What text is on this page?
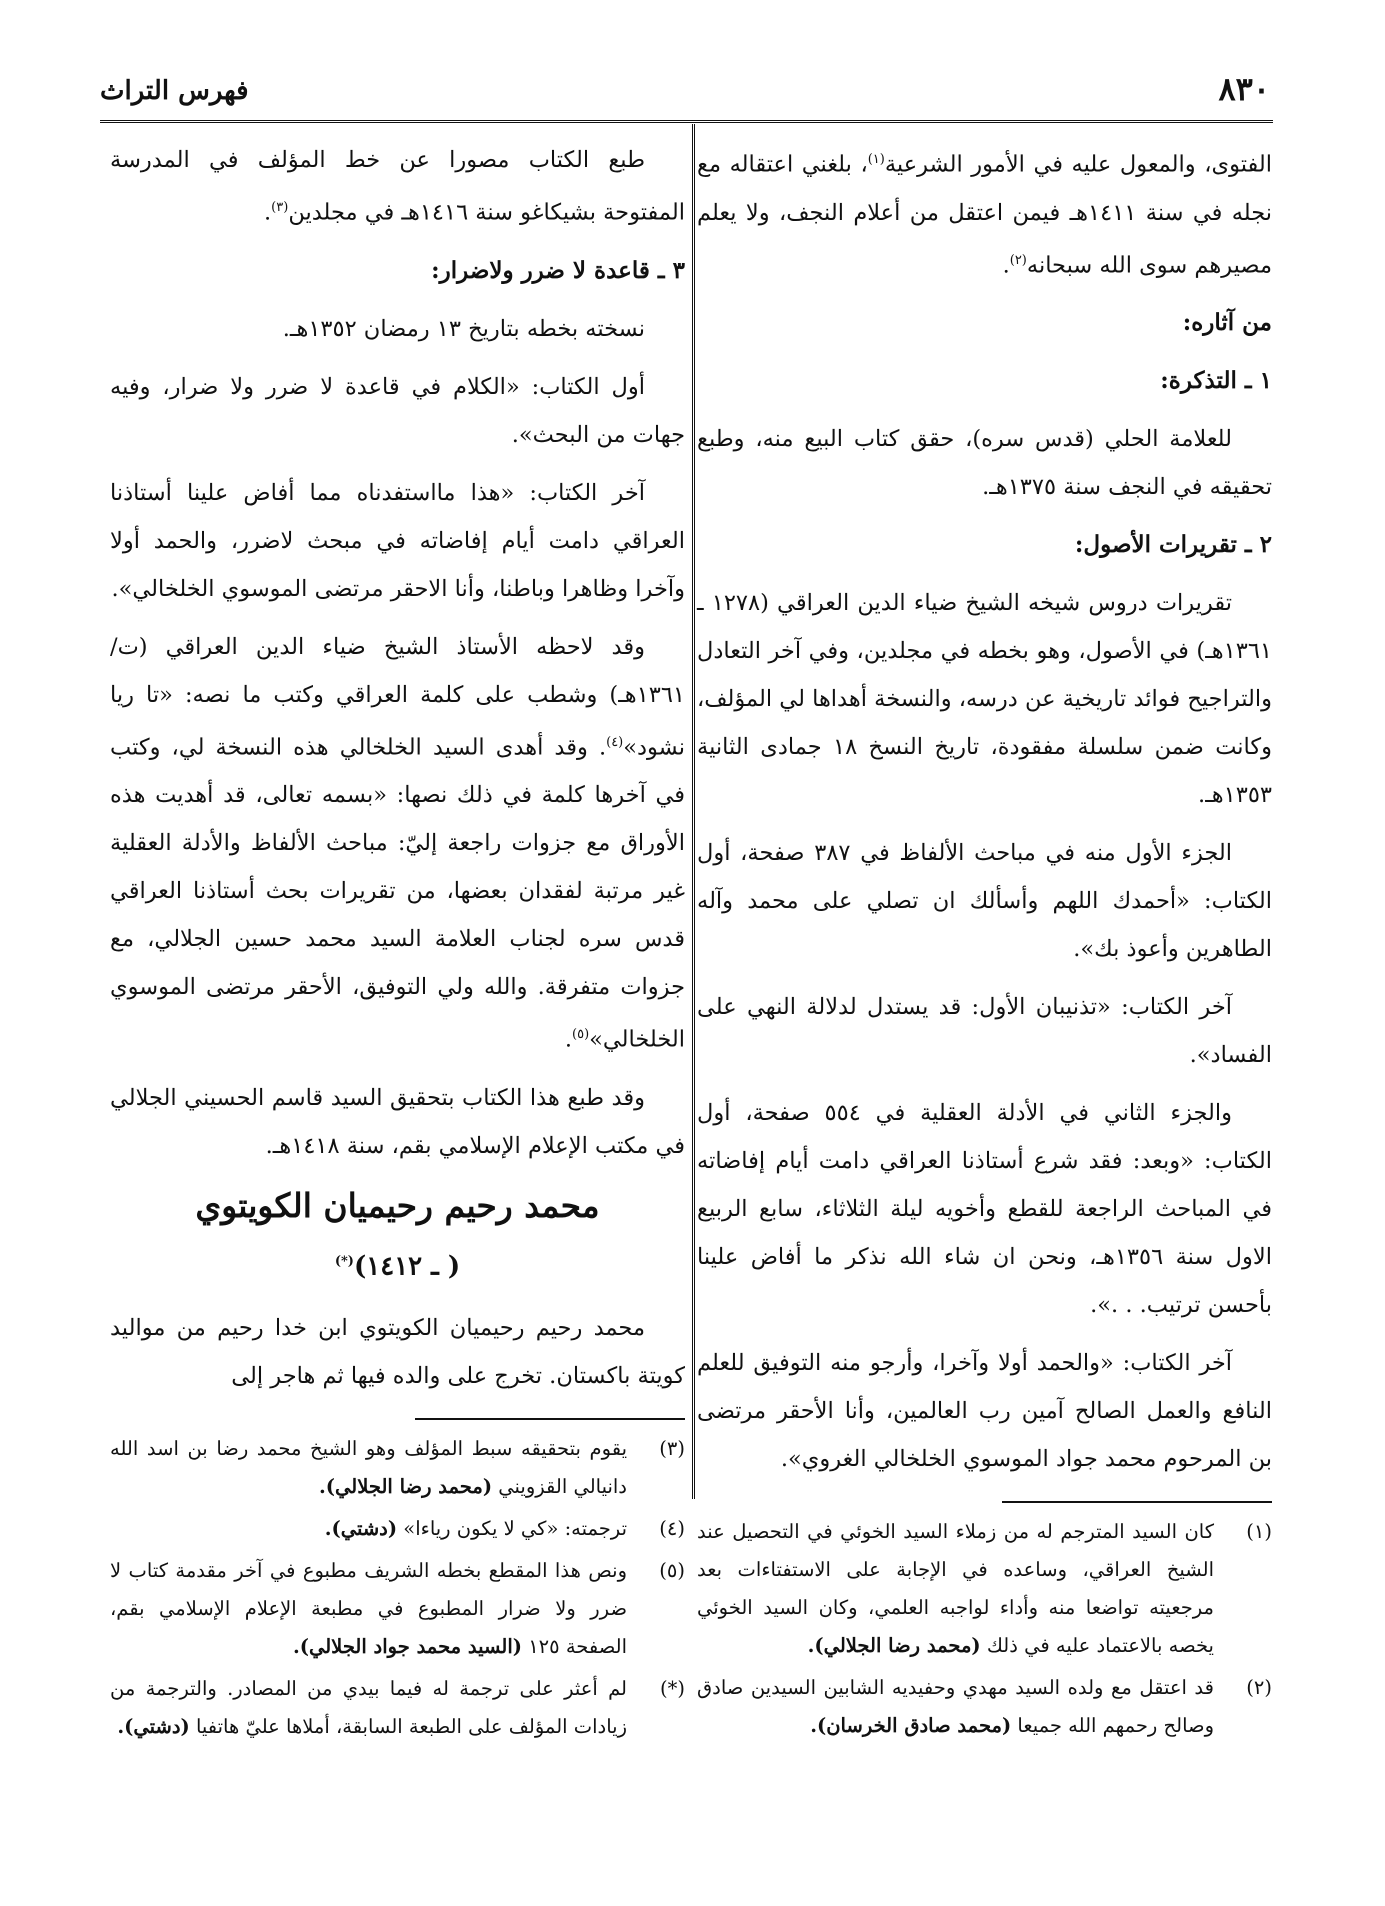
٨٣٠
فهرس التراث

الفتوى، والمعول عليه في الأمور الشرعية$^{(١)}$، بلغني اعتقاله مع نجله في سنة ١٤١١هـ فيمن اعتقل من أعلام النجف، ولا يعلم مصيرهم سوى الله سبحانه$^{(٢)}$.

من آثاره:
١ ـ التذكرة:

للعلامة الحلي (قدس سره)، حقق كتاب البيع منه، وطبع تحقيقه في النجف سنة ١٣٧٥هـ.

٢ ـ تقريرات الأصول:

تقريرات دروس شيخه الشيخ ضياء الدين العراقي (١٢٧٨ ـ ١٣٦١هـ) في الأصول، وهو بخطه في مجلدين، وفي آخر التعادل والتراجيح فوائد تاريخية عن درسه، والنسخة أهداها لي المؤلف، وكانت ضمن سلسلة مفقودة، تاريخ النسخ ١٨ جمادى الثانية ١٣٥٣هـ.

الجزء الأول منه في مباحث الألفاظ في ٣٨٧ صفحة، أول الكتاب: «أحمدك اللهم وأسألك ان تصلي على محمد وآله الطاهرين وأعوذ بك».

آخر الكتاب: «تذنيبان الأول: قد يستدل لدلالة النهي على الفساد».

والجزء الثاني في الأدلة العقلية في ٥٥٤ صفحة، أول الكتاب: «وبعد: فقد شرع أستاذنا العراقي دامت أيام إفاضاته في المباحث الراجعة للقطع وأخويه ليلة الثلاثاء، سابع الربيع الاول سنة ١٣٥٦هـ، ونحن ان شاء الله نذكر ما أفاض علينا بأحسن ترتيب. . .».

آخر الكتاب: «والحمد أولا وآخرا، وأرجو منه التوفيق للعلم النافع والعمل الصالح آمين رب العالمين، وأنا الأحقر مرتضى بن المرحوم محمد جواد الموسوي الخلخالي الغروي».

(١)
كان السيد المترجم له من زملاء السيد الخوئي في التحصيل عند الشيخ العراقي، وساعده في الإجابة على الاستفتاءات بعد مرجعيته تواضعا منه وأداء لواجبه العلمي، وكان السيد الخوئي يخصه بالاعتماد عليه في ذلك (محمد رضا الجلالي).
(٢)
قد اعتقل مع ولده السيد مهدي وحفيديه الشابين السيدين صادق وصالح رحمهم الله جميعا (محمد صادق الخرسان).

طبع الكتاب مصورا عن خط المؤلف في المدرسة المفتوحة بشيكاغو سنة ١٤١٦هـ في مجلدين$^{(٣)}$.

٣ ـ قاعدة لا ضرر ولاضرار:

نسخته بخطه بتاريخ ١٣ رمضان ١٣٥٢هـ.

أول الكتاب: «الكلام في قاعدة لا ضرر ولا ضرار، وفيه جهات من البحث».

آخر الكتاب: «هذا مااستفدناه مما أفاض علينا أستاذنا العراقي دامت أيام إفاضاته في مبحث لاضرر، والحمد أولا وآخرا وظاهرا وباطنا، وأنا الاحقر مرتضى الموسوي الخلخالي».

وقد لاحظه الأستاذ الشيخ ضياء الدين العراقي (ت/ ١٣٦١هـ) وشطب على كلمة العراقي وكتب ما نصه: «تا ريا نشود»$^{(٤)}$. وقد أهدى السيد الخلخالي هذه النسخة لي، وكتب في آخرها كلمة في ذلك نصها: «بسمه تعالى، قد أهديت هذه الأوراق مع جزوات راجعة إليّ: مباحث الألفاظ والأدلة العقلية غير مرتبة لفقدان بعضها، من تقريرات بحث أستاذنا العراقي قدس سره لجناب العلامة السيد محمد حسين الجلالي، مع جزوات متفرقة. والله ولي التوفيق، الأحقر مرتضى الموسوي الخلخالي»$^{(٥)}$.

وقد طبع هذا الكتاب بتحقيق السيد قاسم الحسيني الجلالي في مكتب الإعلام الإسلامي بقم، سنة ١٤١٨هـ.

محمد رحيم رحيميان الكويتوي
( ـ ١٤١٢)(*)

محمد رحيم رحيميان الكويتوي ابن خدا رحيم من مواليد كويتة باكستان. تخرج على والده فيها ثم هاجر إلى

(٣)
يقوم بتحقيقه سبط المؤلف وهو الشيخ محمد رضا بن اسد الله دانيالي القزويني (محمد رضا الجلالي).
(٤)
ترجمته: «كي لا يكون رياءا» (دشتي).
(٥)
ونص هذا المقطع بخطه الشريف مطبوع في آخر مقدمة كتاب لا ضرر ولا ضرار المطبوع في مطبعة الإعلام الإسلامي بقم، الصفحة ١٢٥ (السيد محمد جواد الجلالي).
(*)
لم أعثر على ترجمة له فيما بيدي من المصادر. والترجمة من زيادات المؤلف على الطبعة السابقة، أملاها عليّ هاتفيا (دشتي).
